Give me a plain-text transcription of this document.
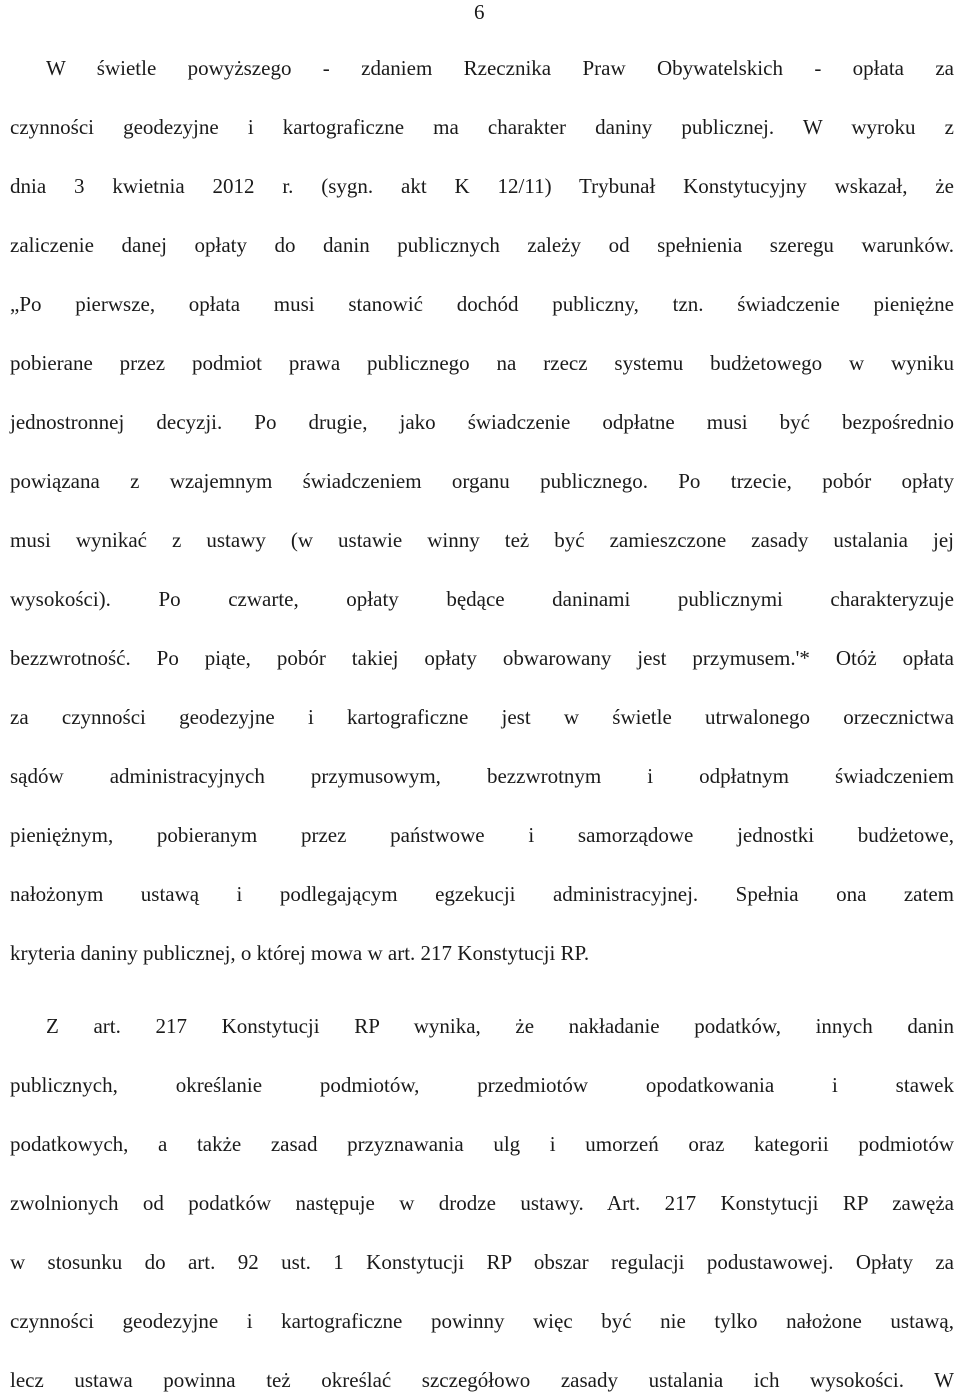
6
W świetle powyższego - zdaniem Rzecznika Praw Obywatelskich - opłata za
czynności geodezyjne i kartograficzne ma charakter daniny publicznej. W wyroku z
dnia 3 kwietnia 2012 r. (sygn. akt K 12/11) Trybunał Konstytucyjny wskazał, że
zaliczenie danej opłaty do danin publicznych zależy od spełnienia szeregu warunków.
„Po pierwsze, opłata musi stanowić dochód publiczny, tzn. świadczenie pieniężne
pobierane przez podmiot prawa publicznego na rzecz systemu budżetowego w wyniku
jednostronnej decyzji. Po drugie, jako świadczenie odpłatne musi być bezpośrednio
powiązana z wzajemnym świadczeniem organu publicznego. Po trzecie, pobór opłaty
musi wynikać z ustawy (w ustawie winny też być zamieszczone zasady ustalania jej
wysokości). Po czwarte, opłaty będące daninami publicznymi charakteryzuje
bezzwrotność. Po piąte, pobór takiej opłaty obwarowany jest przymusem.'* Otóż opłata
za czynności geodezyjne i kartograficzne jest w świetle utrwalonego orzecznictwa
sądów administracyjnych przymusowym, bezzwrotnym i odpłatnym świadczeniem
pieniężnym, pobieranym przez państwowe i samorządowe jednostki budżetowe,
nałożonym ustawą i podlegającym egzekucji administracyjnej. Spełnia ona zatem
kryteria daniny publicznej, o której mowa w art. 217 Konstytucji RP.
Z art. 217 Konstytucji RP wynika, że nakładanie podatków, innych danin
publicznych, określanie podmiotów, przedmiotów opodatkowania i stawek
podatkowych, a także zasad przyznawania ulg i umorzeń oraz kategorii podmiotów
zwolnionych od podatków następuje w drodze ustawy. Art. 217 Konstytucji RP zawęża
w stosunku do art. 92 ust. 1 Konstytucji RP obszar regulacji podustawowej. Opłaty za
czynności geodezyjne i kartograficzne powinny więc być nie tylko nałożone ustawą,
lecz ustawa powinna też określać szczegółowo zasady ustalania ich wysokości. W
